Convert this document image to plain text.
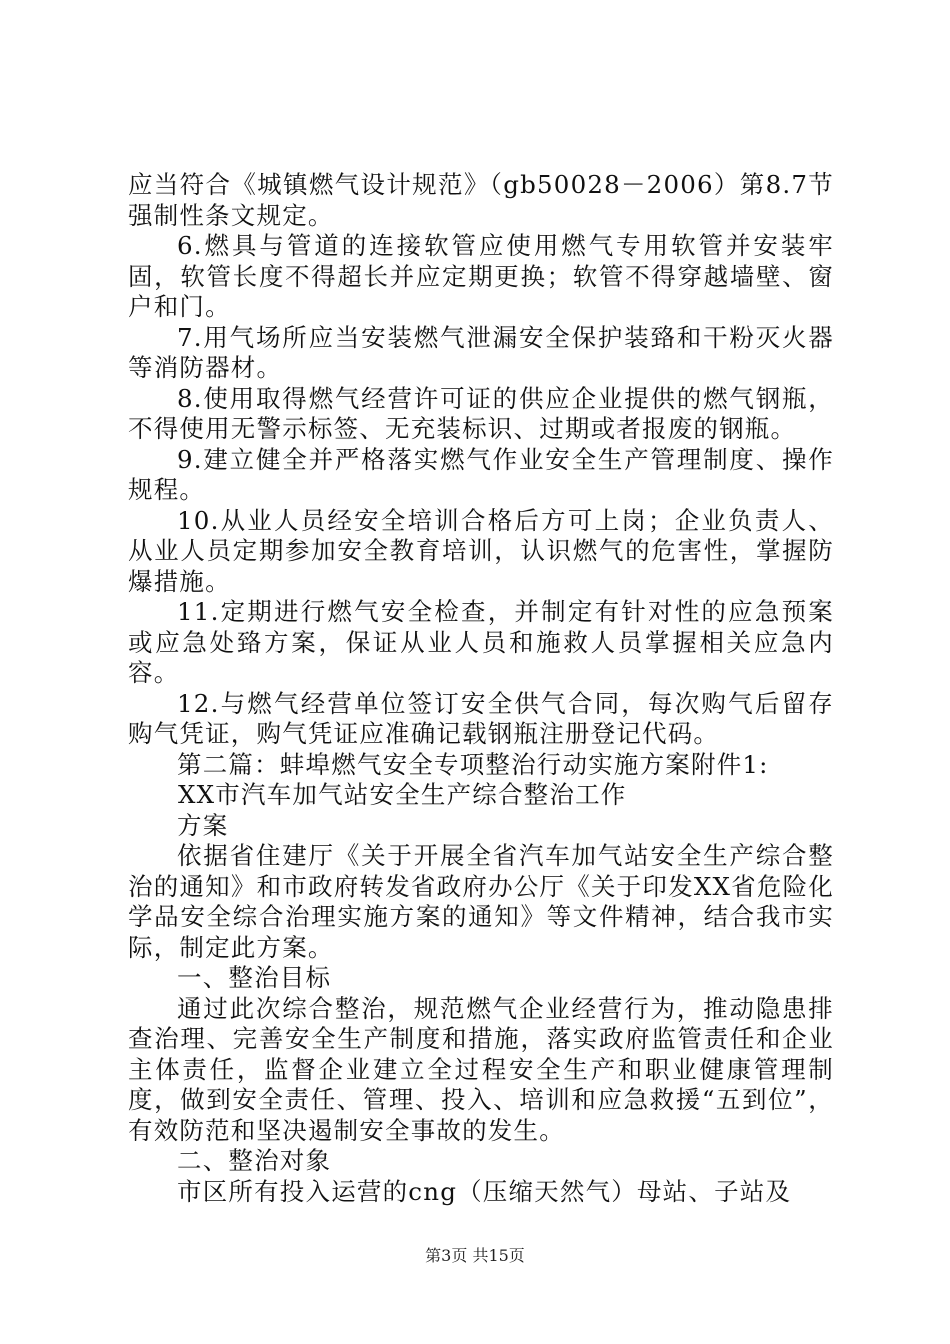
应当符合《城镇燃气设计规范》（gb50028－2006）第8.7节强制性条文规定。

6.燃具与管道的连接软管应使用燃气专用软管并安装牢固，软管长度不得超长并应定期更换；软管不得穿越墙壁、窗户和门。

7.用气场所应当安装燃气泄漏安全保护装臵和干粉灭火器等消防器材。

8.使用取得燃气经营许可证的供应企业提供的燃气钢瓶，不得使用无警示标签、无充装标识、过期或者报废的钢瓶。

9.建立健全并严格落实燃气作业安全生产管理制度、操作规程。

10.从业人员经安全培训合格后方可上岗；企业负责人、从业人员定期参加安全教育培训，认识燃气的危害性，掌握防爆措施。

11.定期进行燃气安全检查，并制定有针对性的应急预案或应急处臵方案，保证从业人员和施救人员掌握相关应急内容。

12.与燃气经营单位签订安全供气合同，每次购气后留存购气凭证，购气凭证应准确记载钢瓶注册登记代码。

第二篇：蚌埠燃气安全专项整治行动实施方案附件1:

XX市汽车加气站安全生产综合整治工作

方案

依据省住建厅《关于开展全省汽车加气站安全生产综合整治的通知》和市政府转发省政府办公厅《关于印发XX省危险化学品安全综合治理实施方案的通知》等文件精神，结合我市实际，制定此方案。

一、整治目标

通过此次综合整治，规范燃气企业经营行为，推动隐患排查治理、完善安全生产制度和措施，落实政府监管责任和企业主体责任，监督企业建立全过程安全生产和职业健康管理制度，做到安全责任、管理、投入、培训和应急救援“五到位”，有效防范和坚决遏制安全事故的发生。

二、整治对象

市区所有投入运营的cng（压缩天然气）母站、子站及

第3页 共15页
